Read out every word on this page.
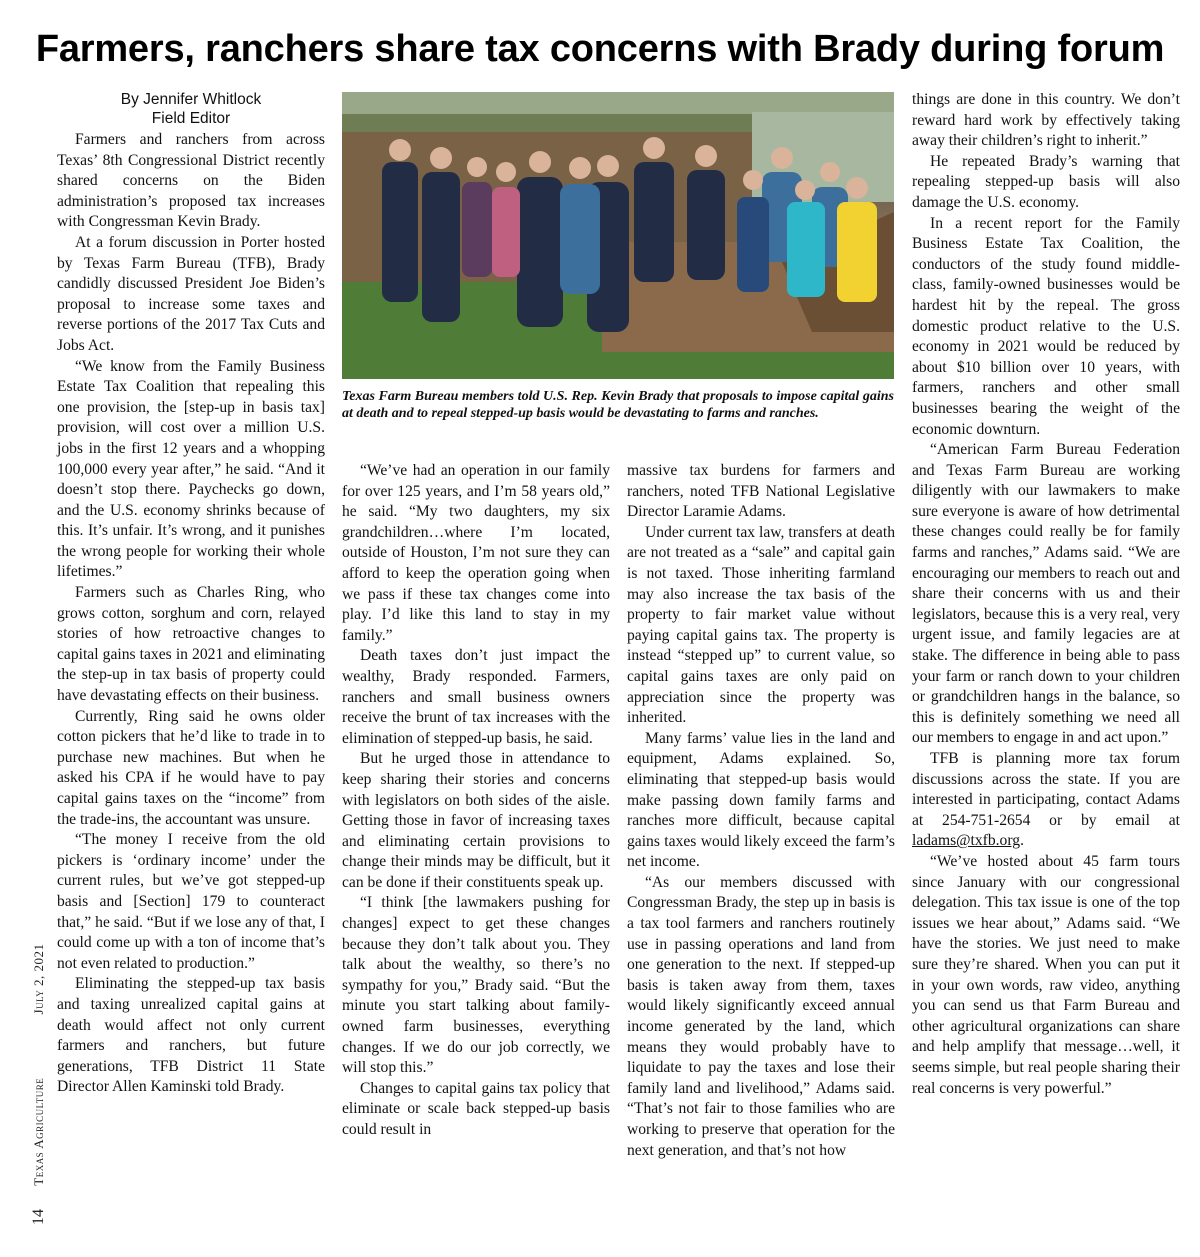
Farmers, ranchers share tax concerns with Brady during forum
By Jennifer Whitlock
Field Editor

Farmers and ranchers from across Texas’ 8th Congressional District recently shared concerns on the Biden administration’s proposed tax increases with Congressman Kevin Brady.

At a forum discussion in Porter hosted by Texas Farm Bureau (TFB), Brady candidly discussed President Joe Biden’s proposal to increase some taxes and reverse portions of the 2017 Tax Cuts and Jobs Act.

“We know from the Family Business Estate Tax Coalition that repealing this one provision, the [step-up in basis tax] provision, will cost over a million U.S. jobs in the first 12 years and a whopping 100,000 every year after,” he said. “And it doesn’t stop there. Paychecks go down, and the U.S. economy shrinks because of this. It’s unfair. It’s wrong, and it punishes the wrong people for working their whole lifetimes.”

Farmers such as Charles Ring, who grows cotton, sorghum and corn, relayed stories of how retroactive changes to capital gains taxes in 2021 and eliminating the step-up in tax basis of property could have devastating effects on their business.

Currently, Ring said he owns older cotton pickers that he’d like to trade in to purchase new machines. But when he asked his CPA if he would have to pay capital gains taxes on the “income” from the trade-ins, the accountant was unsure.

“The money I receive from the old pickers is ‘ordinary income’ under the current rules, but we’ve got stepped-up basis and [Section] 179 to counteract that,” he said. “But if we lose any of that, I could come up with a ton of income that’s not even related to production.”

Eliminating the stepped-up tax basis and taxing unrealized capital gains at death would affect not only current farmers and ranchers, but future generations, TFB District 11 State Director Allen Kaminski told Brady.

Texas Farm Bureau members told U.S. Rep. Kevin Brady that proposals to impose capital gains at death and to repeal stepped-up basis would be devastating to farms and ranches.

“We’ve had an operation in our family for over 125 years, and I’m 58 years old,” he said. “My two daughters, my six grandchildren…where I’m located, outside of Houston, I’m not sure they can afford to keep the operation going when we pass if these tax changes come into play. I’d like this land to stay in my family.”

Death taxes don’t just impact the wealthy, Brady responded. Farmers, ranchers and small business owners receive the brunt of tax increases with the elimination of stepped-up basis, he said.

But he urged those in attendance to keep sharing their stories and concerns with legislators on both sides of the aisle. Getting those in favor of increasing taxes and eliminating certain provisions to change their minds may be difficult, but it can be done if their constituents speak up.

“I think [the lawmakers pushing for changes] expect to get these changes because they don’t talk about you. They talk about the wealthy, so there’s no sympathy for you,” Brady said. “But the minute you start talking about family-owned farm businesses, everything changes. If we do our job correctly, we will stop this.”

Changes to capital gains tax policy that eliminate or scale back stepped-up basis could result in

massive tax burdens for farmers and ranchers, noted TFB National Legislative Director Laramie Adams.

Under current tax law, transfers at death are not treated as a “sale” and capital gain is not taxed. Those inheriting farmland may also increase the tax basis of the property to fair market value without paying capital gains tax. The property is instead “stepped up” to current value, so capital gains taxes are only paid on appreciation since the property was inherited.

Many farms’ value lies in the land and equipment, Adams explained. So, eliminating that stepped-up basis would make passing down family farms and ranches more difficult, because capital gains taxes would likely exceed the farm’s net income.

“As our members discussed with Congressman Brady, the step up in basis is a tax tool farmers and ranchers routinely use in passing operations and land from one generation to the next. If stepped-up basis is taken away from them, taxes would likely significantly exceed annual income generated by the land, which means they would probably have to liquidate to pay the taxes and lose their family land and livelihood,” Adams said. “That’s not fair to those families who are working to preserve that operation for the next generation, and that’s not how

things are done in this country. We don’t reward hard work by effectively taking away their children’s right to inherit.”

He repeated Brady’s warning that repealing stepped-up basis will also damage the U.S. economy.

In a recent report for the Family Business Estate Tax Coalition, the conductors of the study found middle-class, family-owned businesses would be hardest hit by the repeal. The gross domestic product relative to the U.S. economy in 2021 would be reduced by about $10 billion over 10 years, with farmers, ranchers and other small businesses bearing the weight of the economic downturn.

“American Farm Bureau Federation and Texas Farm Bureau are working diligently with our lawmakers to make sure everyone is aware of how detrimental these changes could really be for family farms and ranches,” Adams said. “We are encouraging our members to reach out and share their concerns with us and their legislators, because this is a very real, very urgent issue, and family legacies are at stake. The difference in being able to pass your farm or ranch down to your children or grandchildren hangs in the balance, so this is definitely something we need all our members to engage in and act upon.”

TFB is planning more tax forum discussions across the state. If you are interested in participating, contact Adams at 254-751-2654 or by email at ladams@txfb.org.

“We’ve hosted about 45 farm tours since January with our congressional delegation. This tax issue is one of the top issues we hear about,” Adams said. “We have the stories. We just need to make sure they’re shared. When you can put it in your own words, raw video, anything you can send us that Farm Bureau and other agricultural organizations can share and help amplify that message…well, it seems simple, but real people sharing their real concerns is very powerful.”

14 Texas Agriculture July 2, 2021
